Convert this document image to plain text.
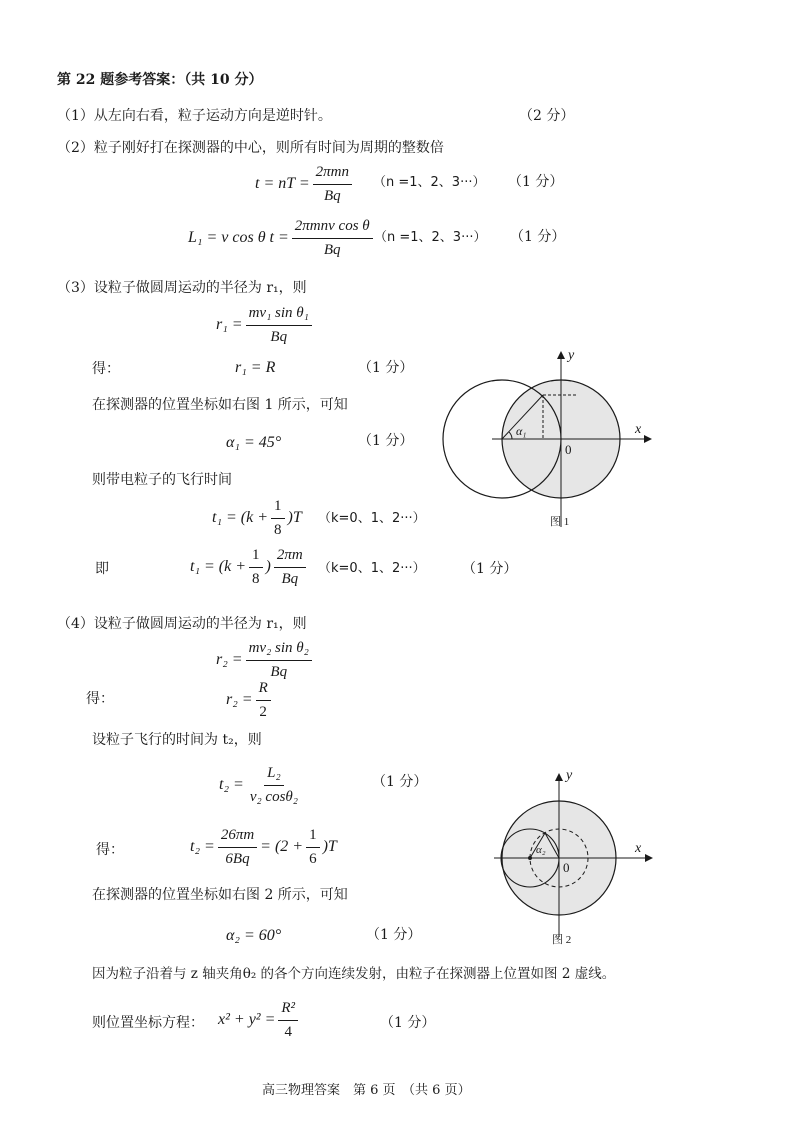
第 22 题参考答案：（共 10 分）
（1）从左向右看，粒子运动方向是逆时针。	（2 分）
（2）粒子刚好打在探测器的中心，则所有时间为周期的整数倍
t = nT = $\frac{\text{2πmn}}{Bq} (n =1$、2、3···） （1 分）
L₁ = v cos θ $t = \frac{\text{2πmnv cos θ}}{Bq} (n =1$、2、3···） （1 分）
（3）设粒子做圆周运动的半径为 r₁，则
$r_1 = \frac{\text{mv₁ sin θ₁}}{Bq}$
得：	r₁ = R	（1 分）
在探测器的位置坐标如右图 1 所示，可知
α₁ = 45°	（1 分）
则带电粒子的飞行时间
$t_1 = (k + \frac{1}{8} )T$ （k=0、1、2···）
即	$t_1 = (k + \frac{1}{8}$ ) $\frac{2\pi m}{Bq} (k=0$、1、2···）	（1 分）
α₁
0
x
y
图 1
（4）设粒子做圆周运动的半径为 r₁，则
$r_2 = \frac{\text{mv₂ sin θ₂}}{Bq}$
得：	$r_2 = \frac{R}{2}$
设粒子飞行的时间为 t₂，则
$t_2 = \frac{\text{L₂}}{\text{v₂ cosθ₂}}$	（1 分）
得：	$t_2 = \frac{26\pi m}{6Bq} = (2 + \frac{1}{6} )T$
在探测器的位置坐标如右图 2 所示，可知
α₂ = 60°	（1 分）
因为粒子沿着与 z 轴夹角θ₂ 的各个方向连续发射，由粒子在探测器上位置如图 2 虚线。
则位置坐标方程： $x^2 + y^2 = \frac{\text{R²}}{4}$	（1 分）
α₂
0
x
y
图 2
高三物理答案　第 6 页　（共 6 页）
